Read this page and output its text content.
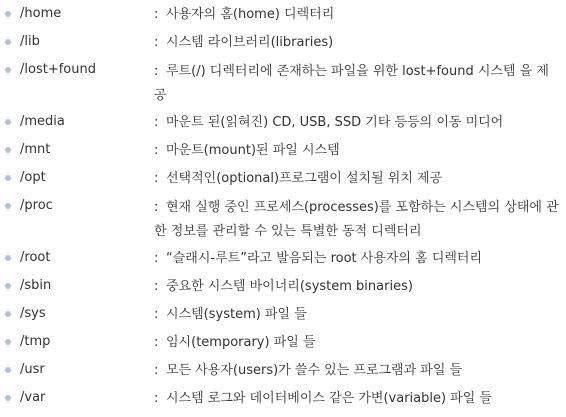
/home	: 사용자의 홈(home) 디렉터리
/lib	: 시스템 라이브러리(libraries)
/lost+found	: 루트(/) 디렉터리에 존재하는 파일을 위한 lost+found 시스템 을 제공
/media	: 마운트 된(읽혀진) CD, USB, SSD 기타 등등의 이동 미디어
/mnt	: 마운트(mount)된 파일 시스템
/opt	: 선택적인(optional)프로그램이 설치될 위치 제공
/proc	: 현재 실행 중인 프로세스(processes)를 포함하는 시스템의 상태에 관한 정보를 관리할 수 있는 특별한 동적 디렉터리
/root	: “슬래시-루트”라고 발음되는 root 사용자의 홈 디렉터리
/sbin	: 중요한 시스템 바이너리(system binaries)
/sys	: 시스템(system) 파일 들
/tmp	: 임시(temporary) 파일 들
/usr	: 모든 사용자(users)가 쓸수 있는 프로그램과 파일 들
/var	: 시스템 로그와 데이터베이스 같은 가변(variable) 파일 들
